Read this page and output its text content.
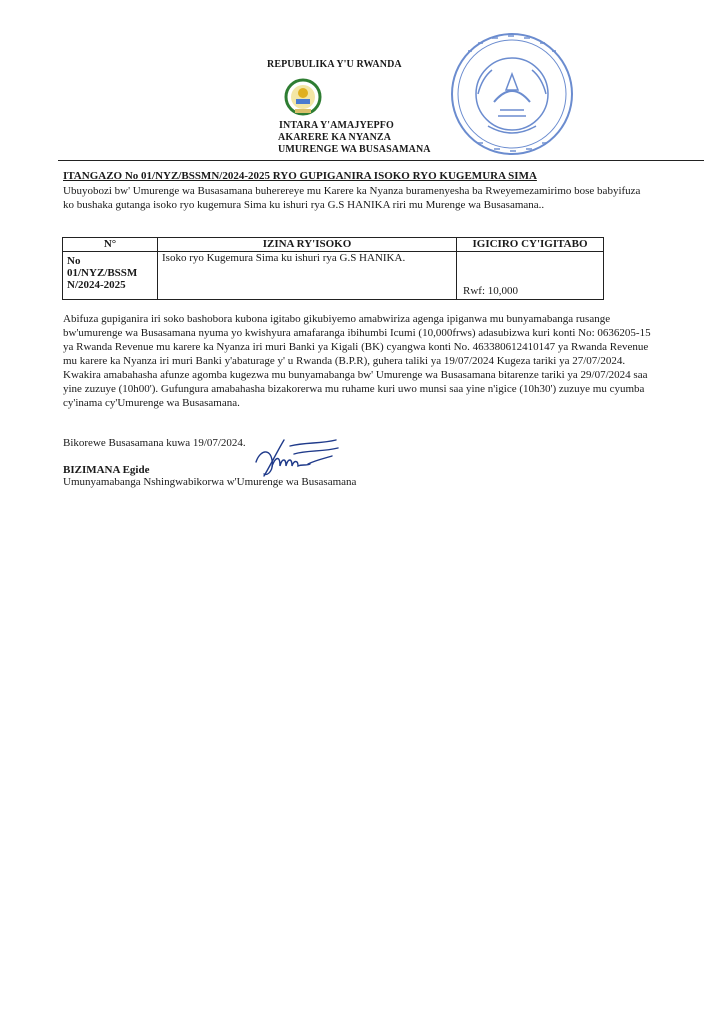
REPUBULIKA Y'U RWANDA
INTARA Y'AMAJYEPFO
AKARERE KA NYANZA
UMURENGE WA BUSASAMANA
ITANGAZO No 01/NYZ/BSSMN/2024-2025 RYO GUPIGANIRA ISOKO RYO KUGEMURA SIMA
Ubuyobozi bw' Umurenge wa Busasamana buherereye mu Karere ka Nyanza buramenyesha ba Rweyemezamirimo bose babyifuza ko bushaka gutanga isoko ryo kugemura Sima ku ishuri rya G.S HANIKA riri mu Murenge wa Busasamana..
N°	IZINA RY'ISOKO	IGICIRO CY'IGITABO
No 01/NYZ/BSSM N/2024-2025	Isoko ryo Kugemura Sima ku ishuri rya G.S HANIKA.	Rwf: 10,000
Abifuza gupiganira iri soko bashobora kubona igitabo gikubiyemo amabwiriza agenga ipiganwa mu bunyamabanga rusange bw'umurenge wa Busasamana nyuma yo kwishyura amafaranga ibihumbi Icumi (10,000frws) adasubizwa kuri konti No: 0636205-15 ya Rwanda Revenue mu karere ka Nyanza iri muri Banki ya Kigali (BK) cyangwa konti No. 463380612410147 ya Rwanda Revenue mu karere ka Nyanza iri muri Banki y'abaturage y' u Rwanda (B.P.R), guhera taliki ya 19/07/2024 Kugeza tariki ya 27/07/2024. Kwakira amabahasha afunze agomba kugezwa mu bunyamabanga bw' Umurenge wa Busasamana bitarenze tariki ya 29/07/2024 saa yine zuzuye (10h00'). Gufungura amabahasha bizakorerwa mu ruhame kuri uwo munsi saa yine n'igice (10h30') zuzuye mu cyumba cy'inama cy'Umurenge wa Busasamana.
Bikorewe Busasamana kuwa 19/07/2024.
BIZIMANA Egide
Umunyamabanga Nshingwabikorwa w'Umurenge wa Busasamana
